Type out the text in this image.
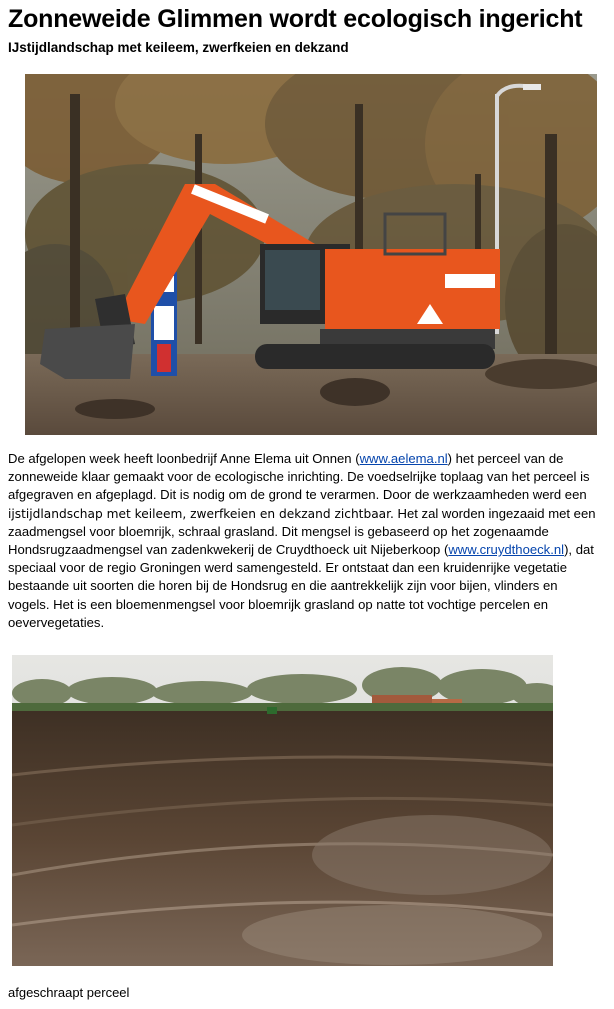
Zonneweide Glimmen wordt ecologisch ingericht
IJstijdlandschap met keileem, zwerfkeien en dekzand
De afgelopen week heeft loonbedrijf Anne Elema uit Onnen (www.aelema.nl) het perceel van de
zonneweide klaar gemaakt voor de ecologische inrichting. De voedselrijke toplaag van het perceel is
afgegraven en afgeplagd. Dit is nodig om de grond te verarmen. Door de werkzaamheden werd een
ijstijdlandschap met keileem, zwerfkeien en dekzand zichtbaar. Het zal worden ingezaaid met een
zaadmengsel voor bloemrijk, schraal grasland. Dit mengsel is gebaseerd op het zogenaamde
Hondsrugzaadmengsel van zadenkwekerij de Cruydthoeck uit Nijeberkoop (www.cruydthoeck.nl), dat
speciaal voor de regio Groningen werd samengesteld. Er ontstaat dan een kruidenrijke vegetatie
bestaande uit soorten die horen bij de Hondsrug en die aantrekkelijk zijn voor bijen, vlinders en
vogels. Het is een bloemenmengsel voor bloemrijk grasland op natte tot vochtige percelen en
oevervegetaties.
afgeschraapt perceel
